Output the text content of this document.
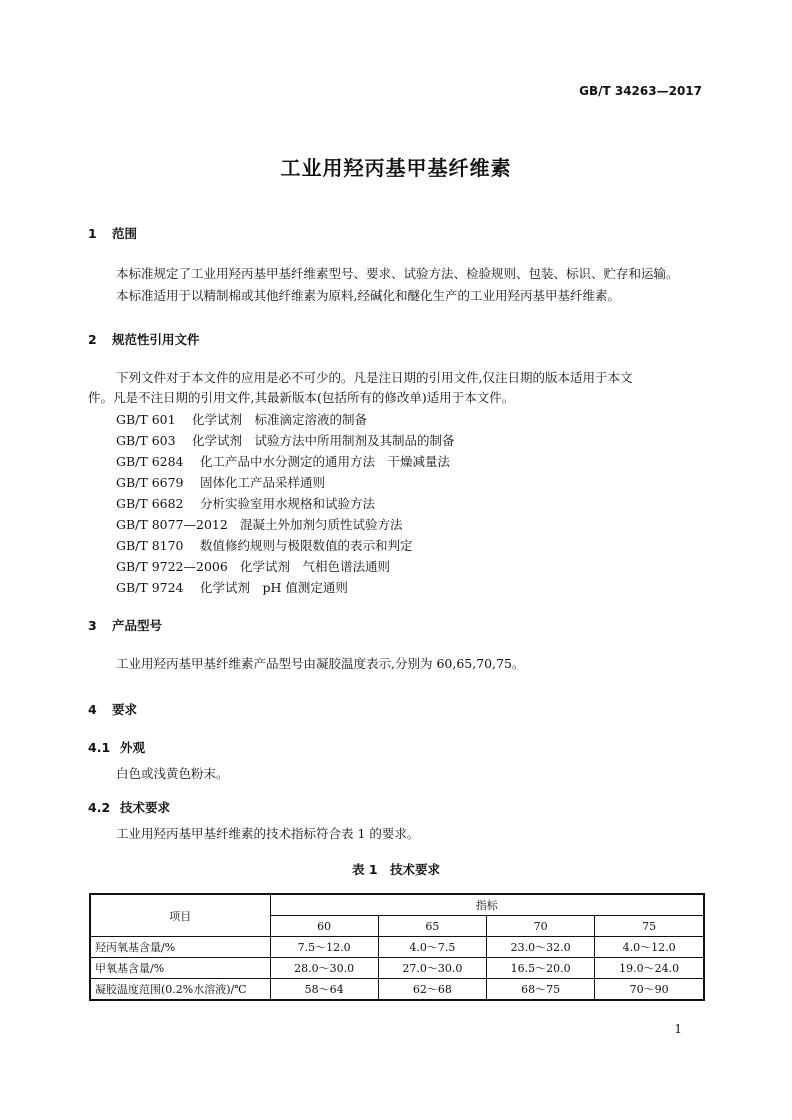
GB/T 34263—2017
工业用羟丙基甲基纤维素
1 范围
本标准规定了工业用羟丙基甲基纤维素型号、要求、试验方法、检验规则、包装、标识、贮存和运输。
本标准适用于以精制棉或其他纤维素为原料,经碱化和醚化生产的工业用羟丙基甲基纤维素。
2 规范性引用文件
下列文件对于本文件的应用是必不可少的。凡是注日期的引用文件,仅注日期的版本适用于本文
件。凡是不注日期的引用文件,其最新版本(包括所有的修改单)适用于本文件。
GB/T 601 化学试剂　标准滴定溶液的制备
GB/T 603 化学试剂　试验方法中所用制剂及其制品的制备
GB/T 6284 化工产品中水分测定的通用方法　干燥减量法
GB/T 6679 固体化工产品采样通则
GB/T 6682 分析实验室用水规格和试验方法
GB/T 8077—2012 混凝土外加剂匀质性试验方法
GB/T 8170 数值修约规则与极限数值的表示和判定
GB/T 9722—2006 化学试剂　气相色谱法通则
GB/T 9724 化学试剂　pH 值测定通则
3 产品型号
工业用羟丙基甲基纤维素产品型号由凝胶温度表示,分别为 60,65,70,75。
4 要求
4.1 外观
白色或浅黄色粉末。
4.2 技术要求
工业用羟丙基甲基纤维素的技术指标符合表 1 的要求。
表 1　技术要求
项目	指标			
	60	65	70	75
羟丙氧基含量/%	7.5～12.0	4.0～7.5	23.0～32.0	4.0～12.0
甲氧基含量/%	28.0～30.0	27.0～30.0	16.5～20.0	19.0～24.0
凝胶温度范围(0.2%水溶液)/℃	58～64	62～68	68～75	70～90
1
